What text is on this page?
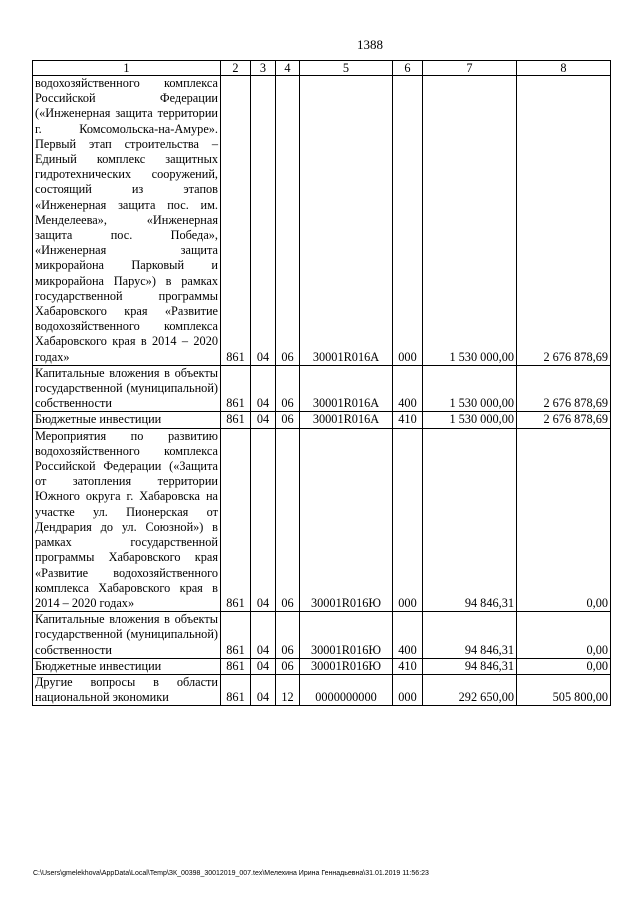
1388
1	2	3	4	5	6	7	8
водохозяйственного комплекса Российской Федерации («Инженерная защита территории г. Комсомольска-на-Амуре». Первый этап строительства – Единый комплекс защитных гидротехнических сооружений, состоящий из этапов «Инженерная защита пос. им. Менделеева», «Инженерная защита пос. Победа», «Инженерная защита микрорайона Парковый и микрорайона Парус») в рамках государственной программы Хабаровского края «Развитие водохозяйственного комплекса Хабаровского края в 2014 – 2020 годах»	861	04	06	30001R016А	000	1 530 000,00	2 676 878,69
Капитальные вложения в объекты государственной (муниципальной) собственности	861	04	06	30001R016А	400	1 530 000,00	2 676 878,69
Бюджетные инвестиции	861	04	06	30001R016А	410	1 530 000,00	2 676 878,69
Мероприятия по развитию водохозяйственного комплекса Российской Федерации («Защита от затопления территории Южного округа г. Хабаровска на участке ул. Пионерская от Дендрария до ул. Союзной») в рамках государственной программы Хабаровского края «Развитие водохозяйственного комплекса Хабаровского края в 2014 – 2020 годах»	861	04	06	30001R016Ю	000	94 846,31	0,00
Капитальные вложения в объекты государственной (муниципальной) собственности	861	04	06	30001R016Ю	400	94 846,31	0,00
Бюджетные инвестиции	861	04	06	30001R016Ю	410	94 846,31	0,00
Другие вопросы в области национальной экономики	861	04	12	0000000000	000	292 650,00	505 800,00
C:\Users\gmelekhova\AppData\Local\Temp\ЗК_00398_30012019_007.tex\Мелехина Ирина Геннадьевна\31.01.2019 11:56:23
